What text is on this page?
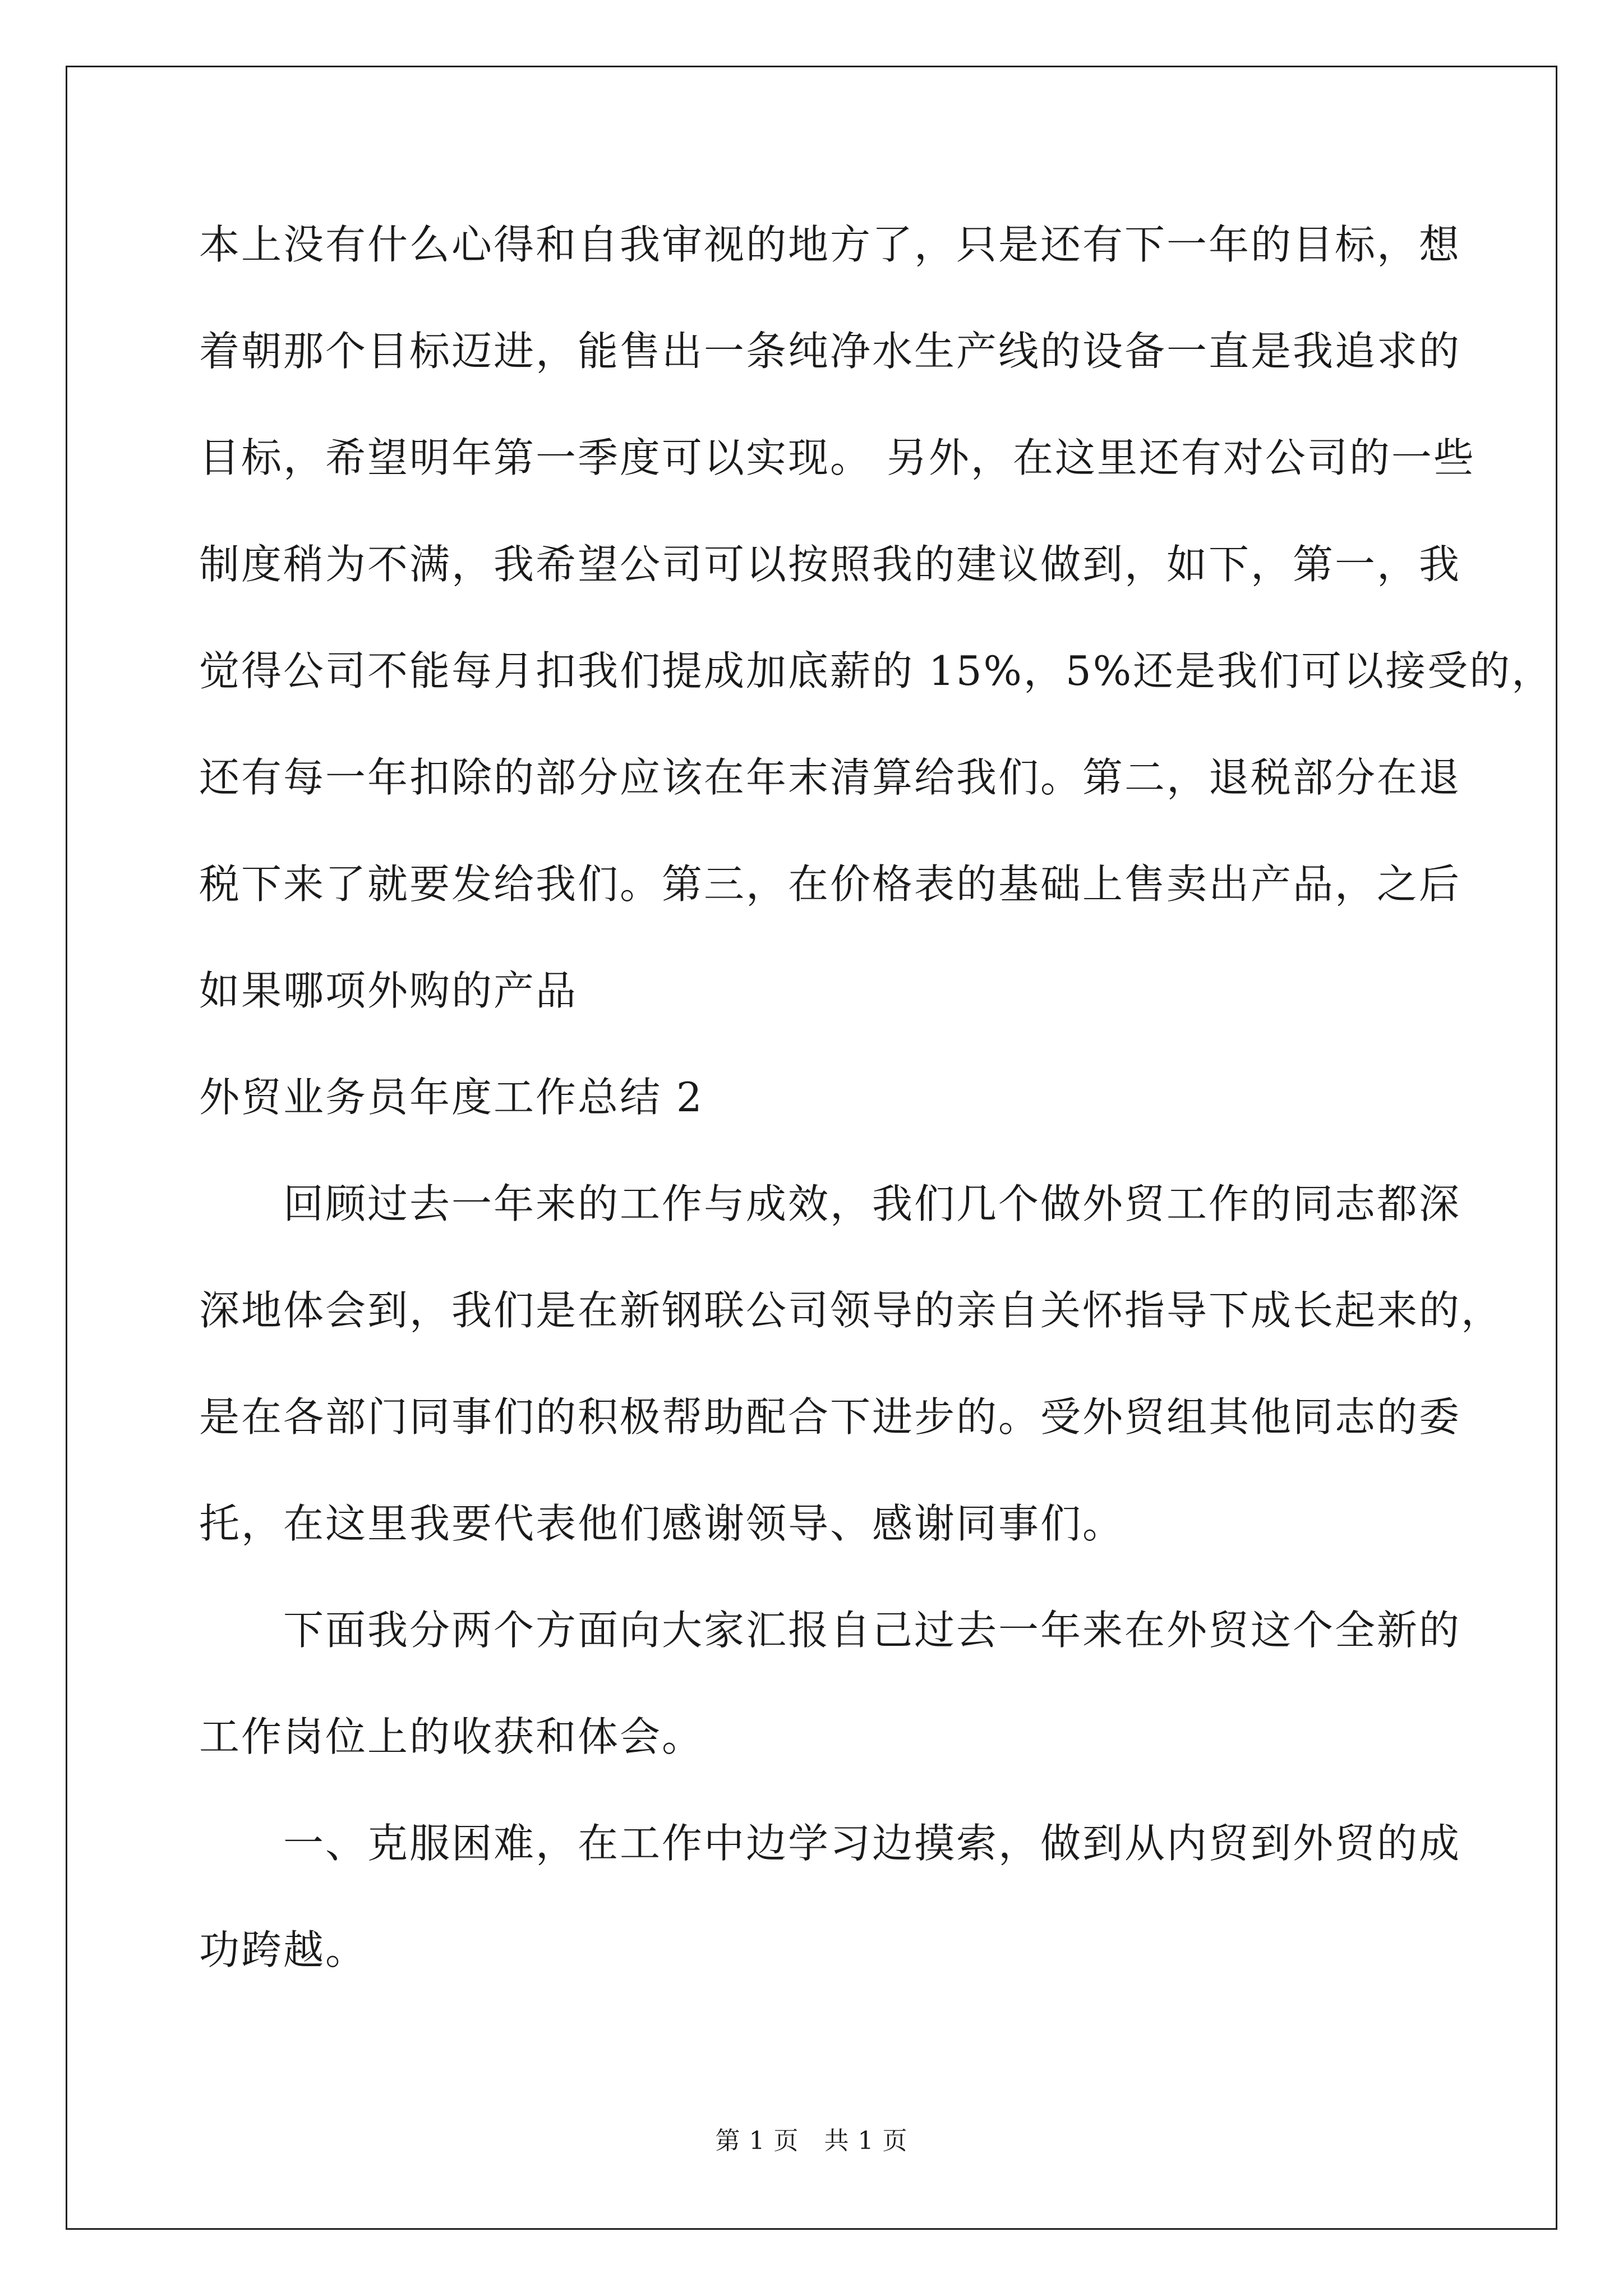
本上没有什么心得和自我审视的地方了，只是还有下一年的目标，想

着朝那个目标迈进，能售出一条纯净水生产线的设备一直是我追求的

目标，希望明年第一季度可以实现。 另外，在这里还有对公司的一些

制度稍为不满，我希望公司可以按照我的建议做到，如下，第一，我

觉得公司不能每月扣我们提成加底薪的 15%，5%还是我们可以接受的，

还有每一年扣除的部分应该在年末清算给我们。第二，退税部分在退

税下来了就要发给我们。第三，在价格表的基础上售卖出产品，之后

如果哪项外购的产品

外贸业务员年度工作总结 2

　　回顾过去一年来的工作与成效，我们几个做外贸工作的同志都深

深地体会到，我们是在新钢联公司领导的亲自关怀指导下成长起来的，

是在各部门同事们的积极帮助配合下进步的。受外贸组其他同志的委

托，在这里我要代表他们感谢领导、感谢同事们。

　　下面我分两个方面向大家汇报自己过去一年来在外贸这个全新的

工作岗位上的收获和体会。

　　一、克服困难，在工作中边学习边摸索，做到从内贸到外贸的成

功跨越。

第 1 页　共 1 页
